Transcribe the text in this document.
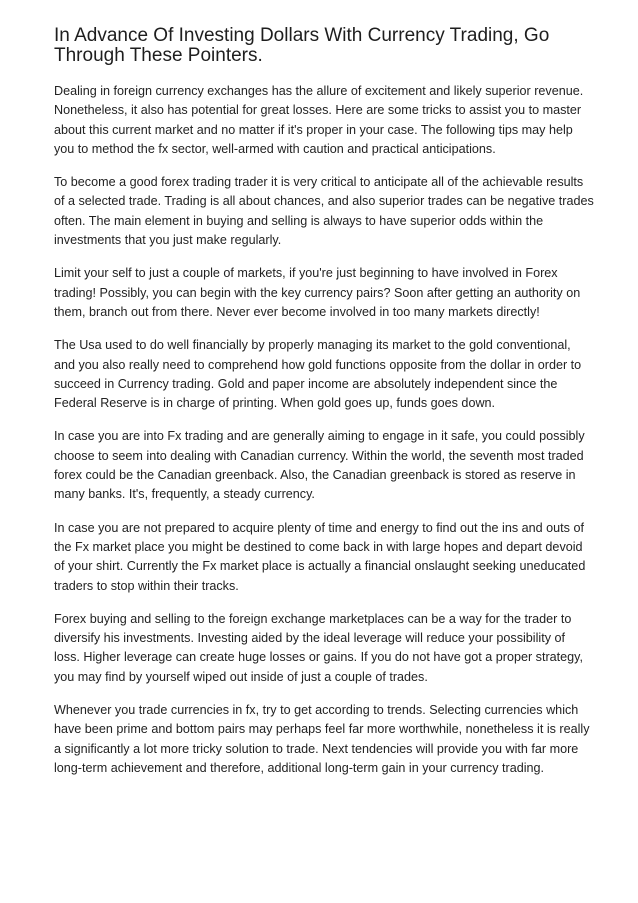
In Advance Of Investing Dollars With Currency Trading, Go Through These Pointers.

Dealing in foreign currency exchanges has the allure of excitement and likely superior revenue. Nonetheless, it also has potential for great losses. Here are some tricks to assist you to master about this current market and no matter if it's proper in your case. The following tips may help you to method the fx sector, well-armed with caution and practical anticipations.

To become a good forex trading trader it is very critical to anticipate all of the achievable results of a selected trade. Trading is all about chances, and also superior trades can be negative trades often. The main element in buying and selling is always to have superior odds within the investments that you just make regularly.

Limit your self to just a couple of markets, if you're just beginning to have involved in Forex trading! Possibly, you can begin with the key currency pairs? Soon after getting an authority on them, branch out from there. Never ever become involved in too many markets directly!

The Usa used to do well financially by properly managing its market to the gold conventional, and you also really need to comprehend how gold functions opposite from the dollar in order to succeed in Currency trading. Gold and paper income are absolutely independent since the Federal Reserve is in charge of printing. When gold goes up, funds goes down.

In case you are into Fx trading and are generally aiming to engage in it safe, you could possibly choose to seem into dealing with Canadian currency. Within the world, the seventh most traded forex could be the Canadian greenback. Also, the Canadian greenback is stored as reserve in many banks. It's, frequently, a steady currency.

In case you are not prepared to acquire plenty of time and energy to find out the ins and outs of the Fx market place you might be destined to come back in with large hopes and depart devoid of your shirt. Currently the Fx market place is actually a financial onslaught seeking uneducated traders to stop within their tracks.

Forex buying and selling to the foreign exchange marketplaces can be a way for the trader to diversify his investments. Investing aided by the ideal leverage will reduce your possibility of loss. Higher leverage can create huge losses or gains. If you do not have got a proper strategy, you may find by yourself wiped out inside of just a couple of trades.

Whenever you trade currencies in fx, try to get according to trends. Selecting currencies which have been prime and bottom pairs may perhaps feel far more worthwhile, nonetheless it is really a significantly a lot more tricky solution to trade. Next tendencies will provide you with far more long-term achievement and therefore, additional long-term gain in your currency trading.
